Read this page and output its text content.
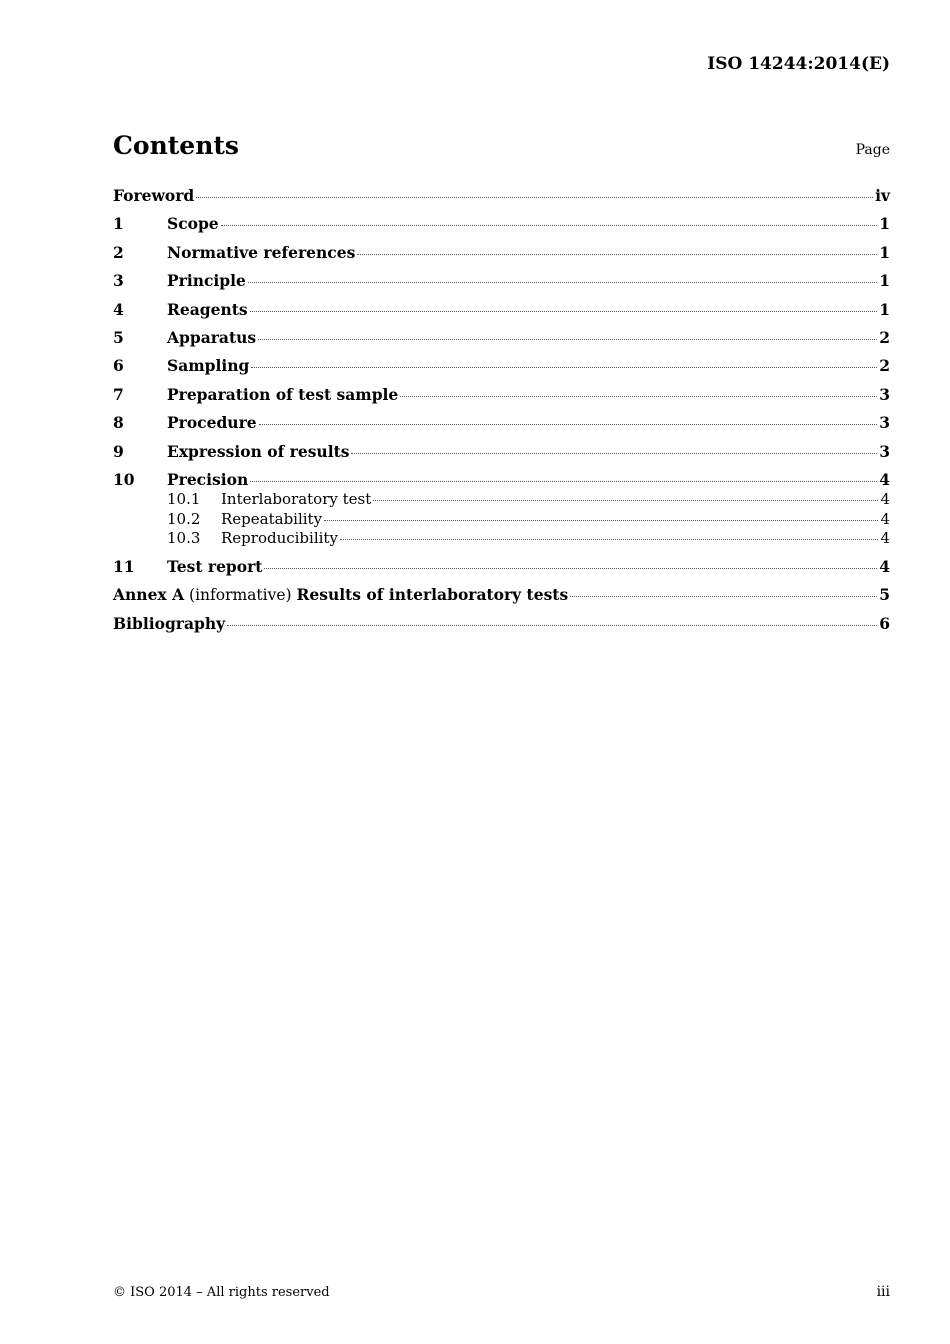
ISO 14244:2014(E)
Contents	Page
Foreword	iv
1	Scope	1
2	Normative references	1
3	Principle	1
4	Reagents	1
5	Apparatus	2
6	Sampling	2
7	Preparation of test sample	3
8	Procedure	3
9	Expression of results	3
10	Precision	4
10.1	Interlaboratory test	4
10.2	Repeatability	4
10.3	Reproducibility	4
11	Test report	4
Annex A (informative) Results of interlaboratory tests	5
Bibliography	6
© ISO 2014 – All rights reserved	iii
